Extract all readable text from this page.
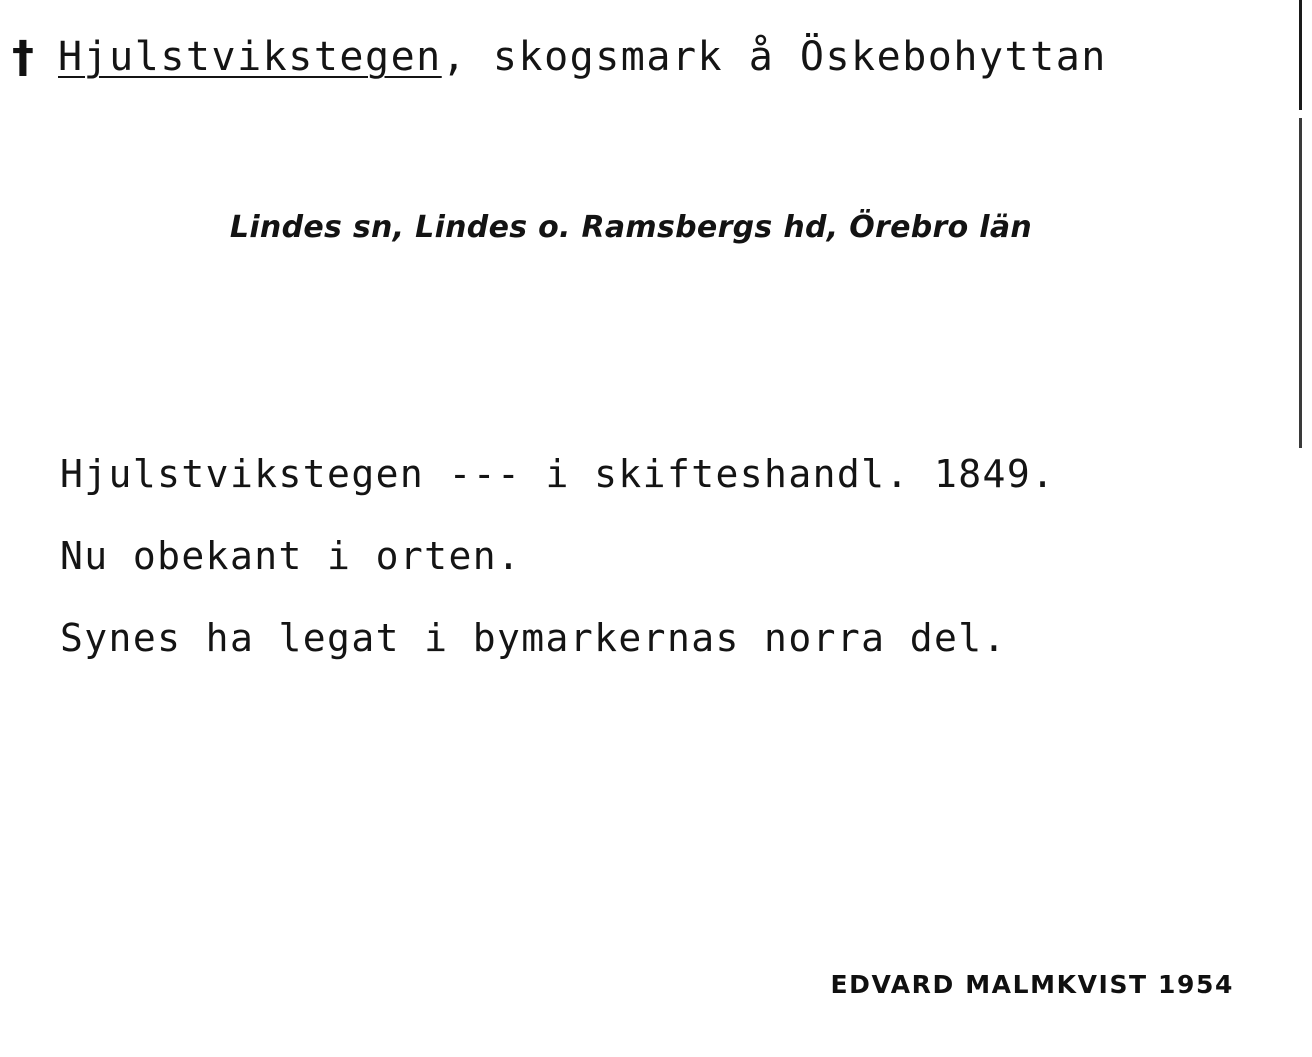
† Hjulstvikstegen, skogsmark å Öskebohyttan
Lindes sn, Lindes o. Ramsbergs hd, Örebro län
Hjulstvikstegen --- i skifteshandl. 1849.
Nu obekant i orten.
Synes ha legat i bymarkernas norra del.
EDVARD MALMKVIST 1954
